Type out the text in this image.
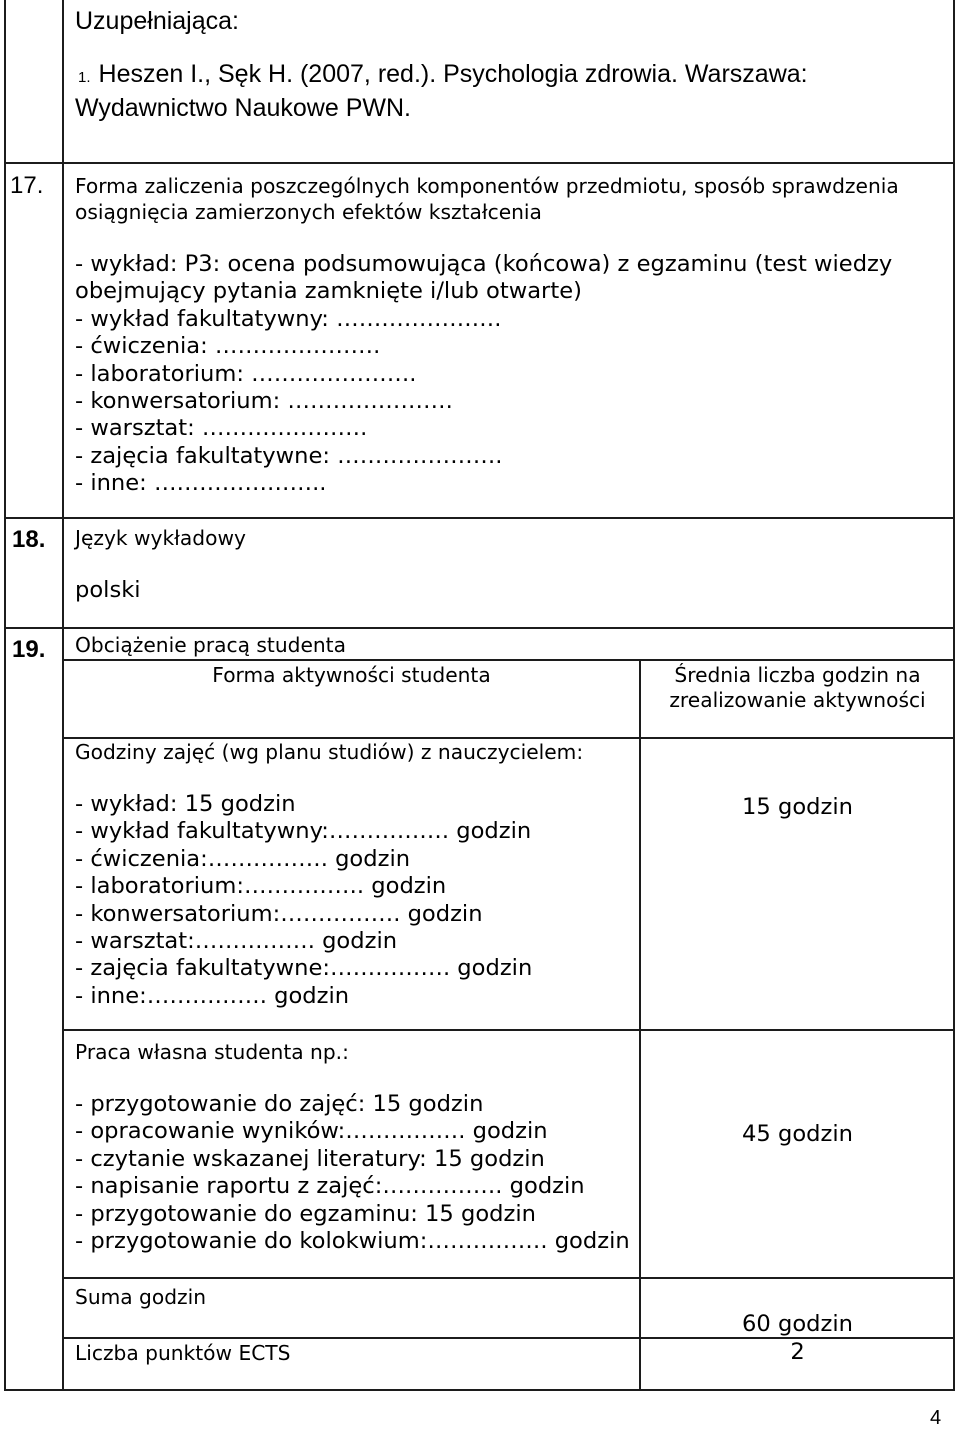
Uzupełniająca:
1. Heszen I., Sęk H. (2007, red.). Psychologia zdrowia. Warszawa: Wydawnictwo Naukowe PWN.
17. Forma zaliczenia poszczególnych komponentów przedmiotu, sposób sprawdzenia osiągnięcia zamierzonych efektów kształcenia
- wykład: P3: ocena podsumowująca (końcowa) z egzaminu (test wiedzy obejmujący pytania zamknięte i/lub otwarte)
- wykład fakultatywny: ………………….
- ćwiczenia: ………………….
- laboratorium: ………………….
- konwersatorium: ………………….
- warsztat: ………………….
- zajęcia fakultatywne: ………………….
- inne: …………………..
18. Język wykładowy
polski
19. Obciążenie pracą studenta
Forma aktywności studenta	Średnia liczba godzin na zrealizowanie aktywności
Godziny zajęć (wg planu studiów) z nauczycielem:
- wykład: 15 godzin
- wykład fakultatywny:……………. godzin
- ćwiczenia:……………. godzin
- laboratorium:……………. godzin
- konwersatorium:……………. godzin
- warsztat:……………. godzin
- zajęcia fakultatywne:……………. godzin
- inne:……………. godzin
15 godzin
Praca własna studenta np.:
- przygotowanie do zajęć: 15 godzin
- opracowanie wyników:……………. godzin
- czytanie wskazanej literatury: 15 godzin
- napisanie raportu z zajęć:……………. godzin
- przygotowanie do egzaminu: 15 godzin
- przygotowanie do kolokwium:……………. godzin
45 godzin
Suma godzin
60 godzin
Liczba punktów ECTS	2
4
